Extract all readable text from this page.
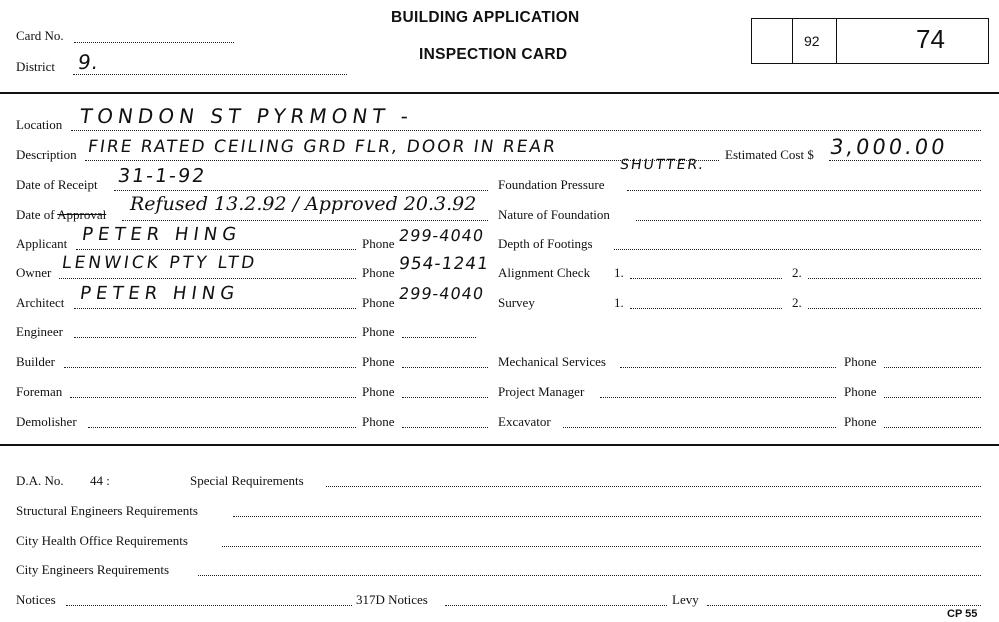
Card No.
District 9.
BUILDING APPLICATION
INSPECTION CARD
92	74
Location TONDON ST PYRMONT -
Description FIRE RATED CEILING GRD FLR, DOOR IN REAR
SHUTTER.
Estimated Cost $ 3,000.00
Date of Receipt 31-1-92
Date of Approval Refused 13.2.92 / Approved 20.3.92
Applicant PETER HING	Phone 299-4040
Owner LENWICK PTY LTD	Phone 954-1241
Architect PETER HING	Phone 299-4040
Engineer	Phone
Builder	Phone
Foreman	Phone
Demolisher	Phone
Foundation Pressure
Nature of Foundation
Depth of Footings
Alignment Check 1.	2.
Survey	1.	2.
Mechanical Services	Phone
Project Manager	Phone
Excavator	Phone
D.A. No. 44 :	Special Requirements
Structural Engineers Requirements
City Health Office Requirements
City Engineers Requirements
Notices	317D Notices	Levy
CP 55
